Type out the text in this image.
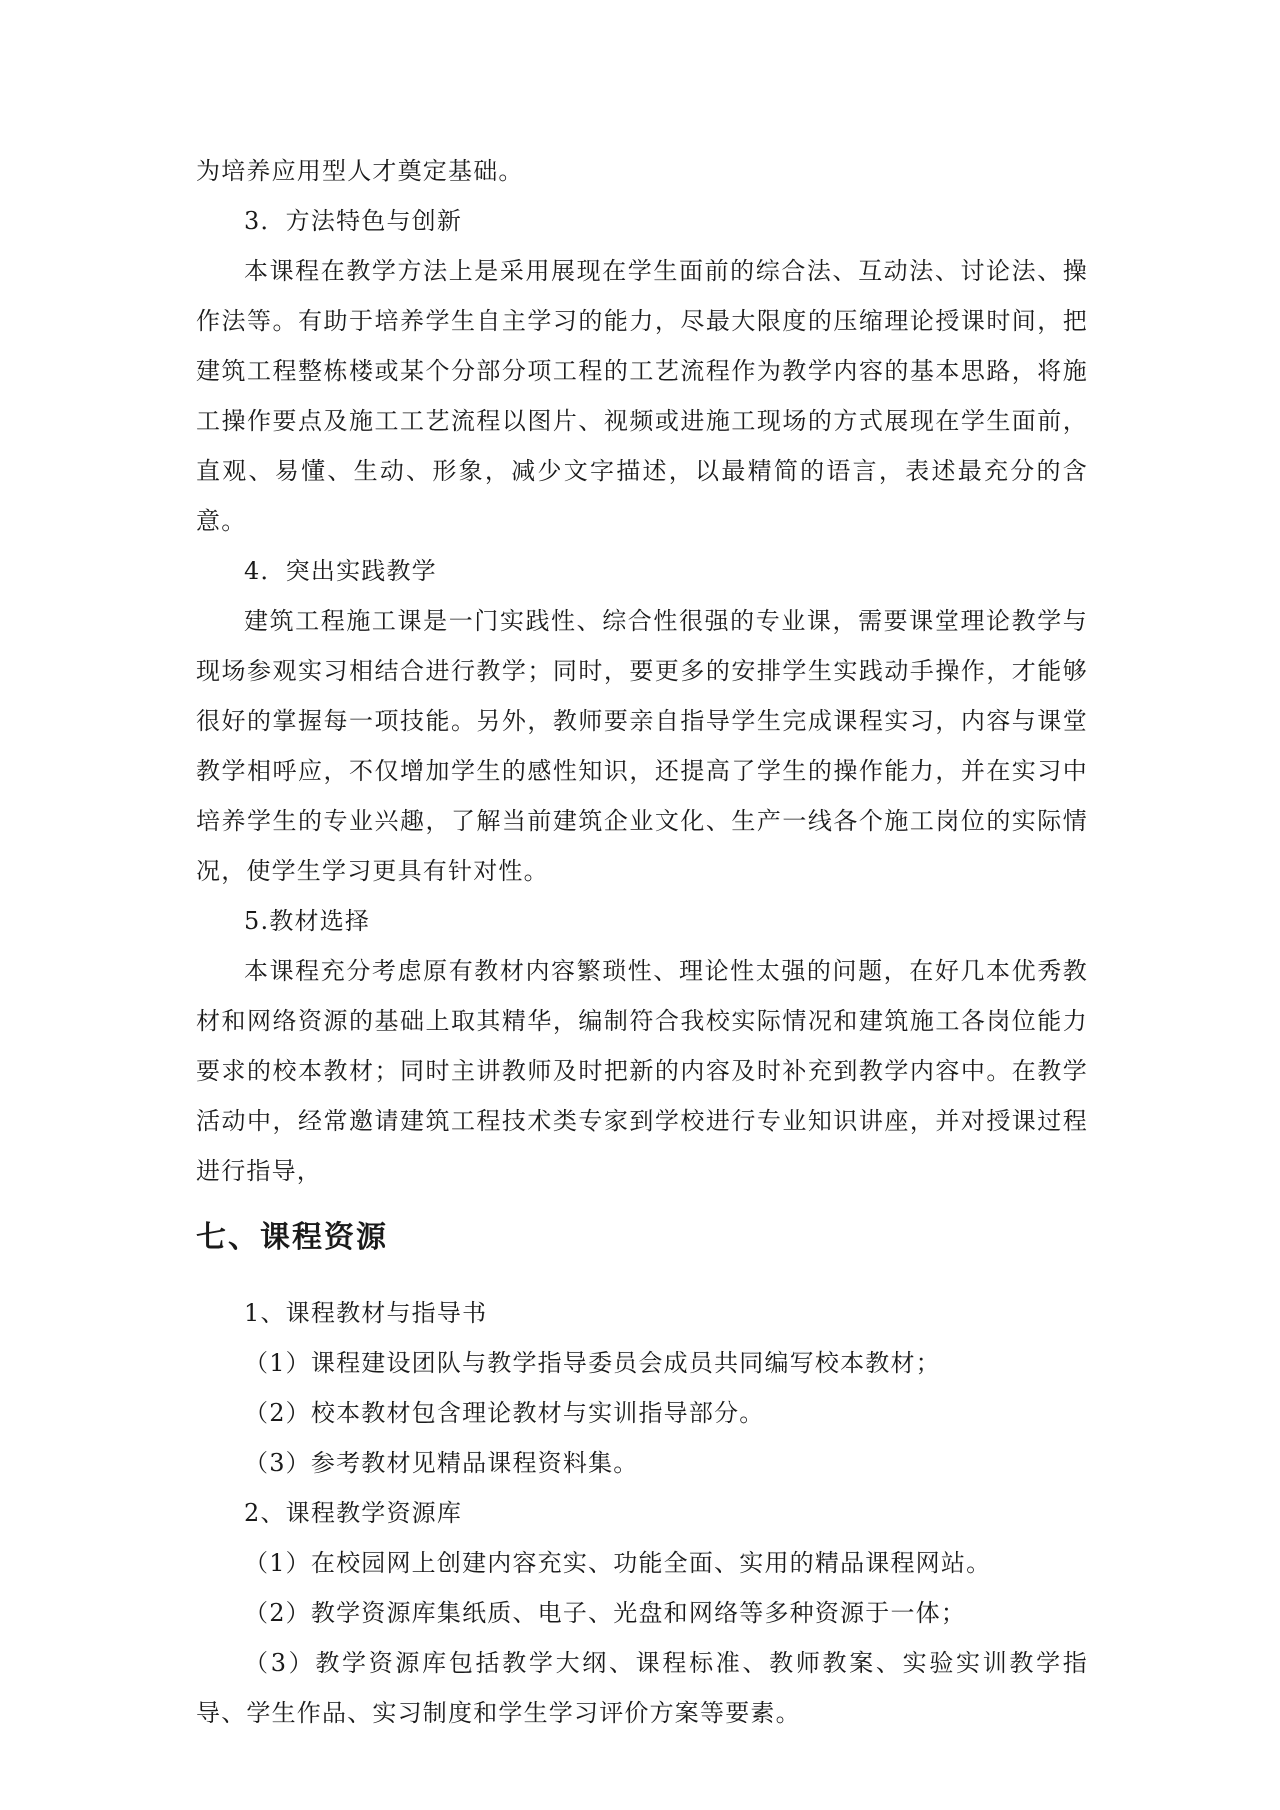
为培养应用型人才奠定基础。

3．方法特色与创新

本课程在教学方法上是采用展现在学生面前的综合法、互动法、讨论法、操作法等。有助于培养学生自主学习的能力，尽最大限度的压缩理论授课时间，把建筑工程整栋楼或某个分部分项工程的工艺流程作为教学内容的基本思路，将施工操作要点及施工工艺流程以图片、视频或进施工现场的方式展现在学生面前，直观、易懂、生动、形象，减少文字描述，以最精简的语言，表述最充分的含意。

4．突出实践教学

建筑工程施工课是一门实践性、综合性很强的专业课，需要课堂理论教学与现场参观实习相结合进行教学；同时，要更多的安排学生实践动手操作，才能够很好的掌握每一项技能。另外，教师要亲自指导学生完成课程实习，内容与课堂教学相呼应，不仅增加学生的感性知识，还提高了学生的操作能力，并在实习中培养学生的专业兴趣，了解当前建筑企业文化、生产一线各个施工岗位的实际情况，使学生学习更具有针对性。

5.教材选择

本课程充分考虑原有教材内容繁琐性、理论性太强的问题，在好几本优秀教材和网络资源的基础上取其精华，编制符合我校实际情况和建筑施工各岗位能力要求的校本教材；同时主讲教师及时把新的内容及时补充到教学内容中。在教学活动中，经常邀请建筑工程技术类专家到学校进行专业知识讲座，并对授课过程进行指导，

七、课程资源

1、课程教材与指导书

（1）课程建设团队与教学指导委员会成员共同编写校本教材；

（2）校本教材包含理论教材与实训指导部分。

（3）参考教材见精品课程资料集。

2、课程教学资源库

（1）在校园网上创建内容充实、功能全面、实用的精品课程网站。

（2）教学资源库集纸质、电子、光盘和网络等多种资源于一体；

（3）教学资源库包括教学大纲、课程标准、教师教案、实验实训教学指导、学生作品、实习制度和学生学习评价方案等要素。
